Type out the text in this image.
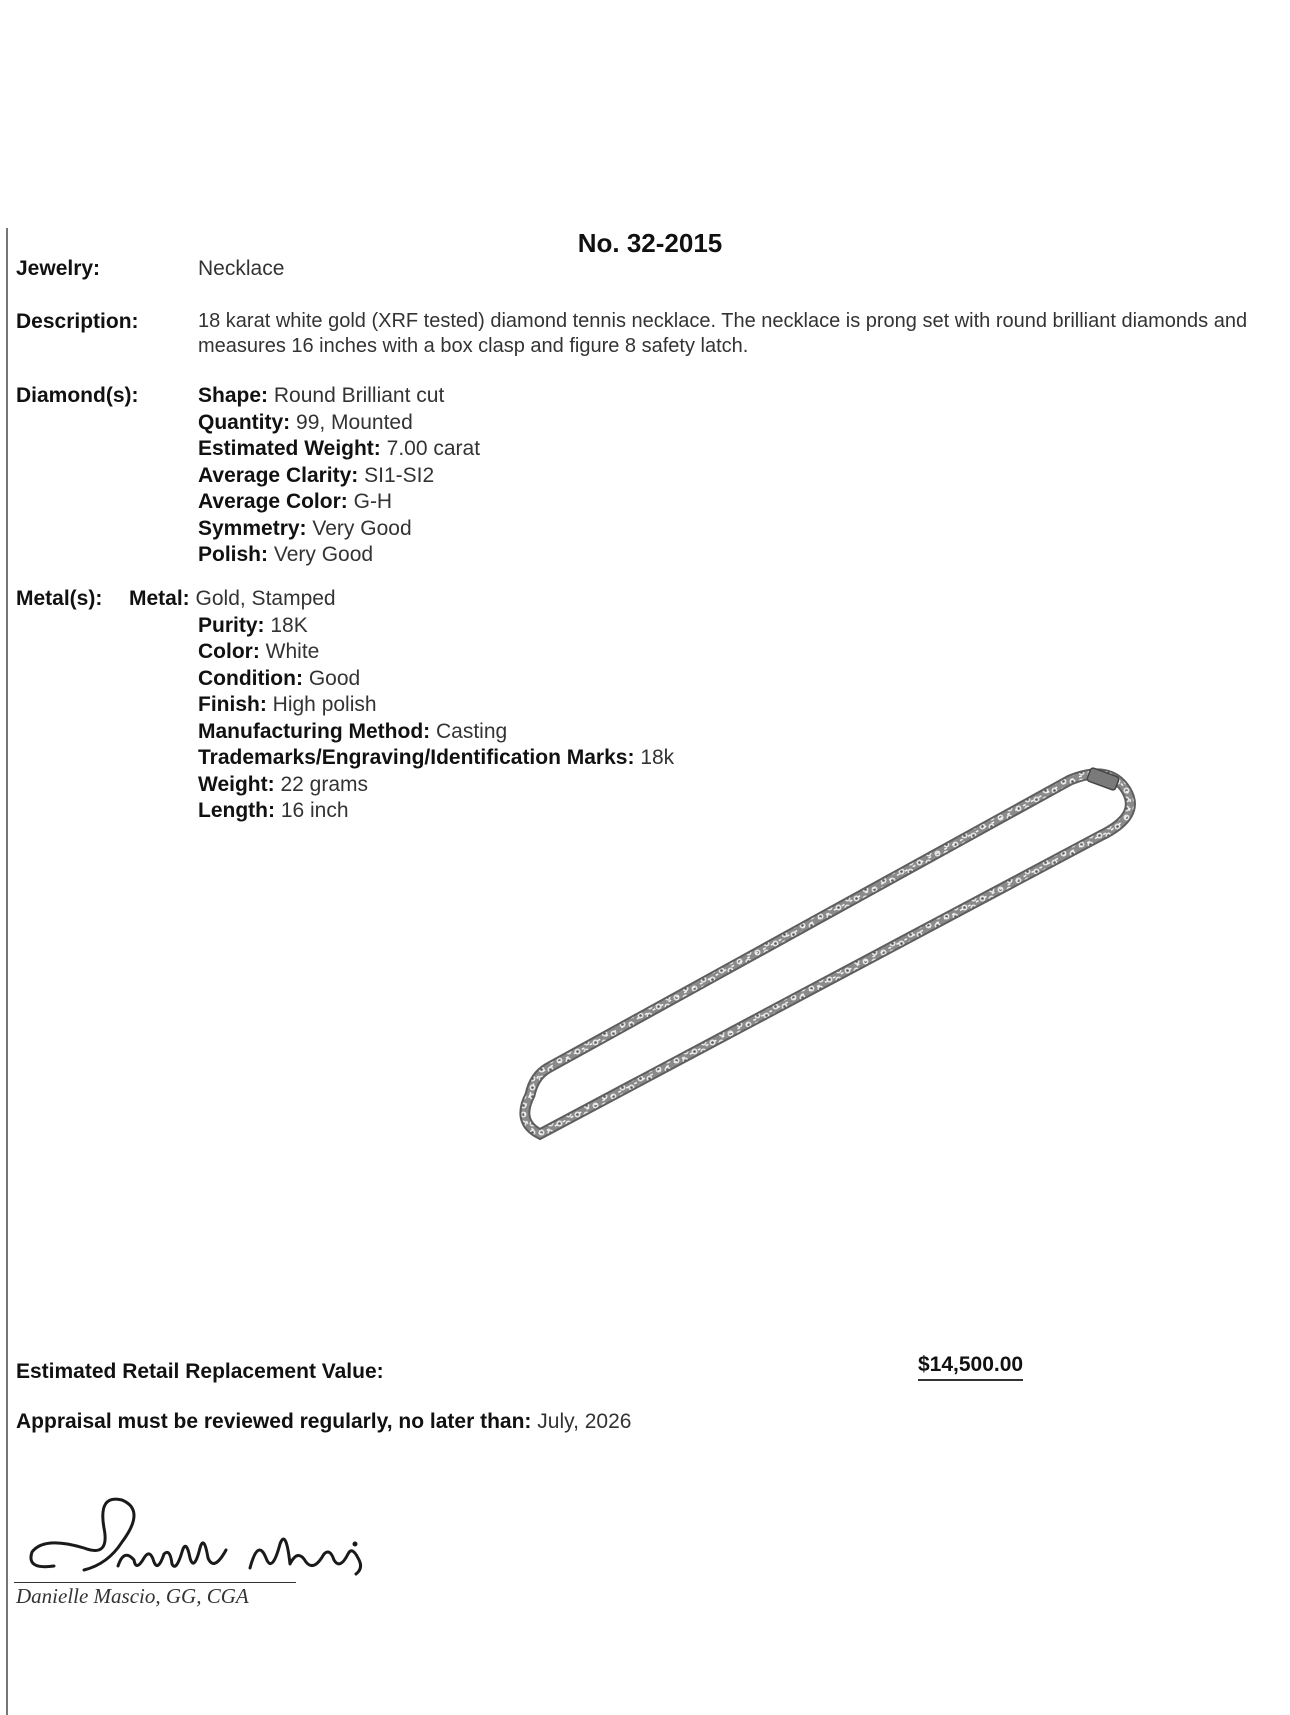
No. 32-2015
Jewelry:	Necklace
Description:	18 karat white gold (XRF tested) diamond tennis necklace. The necklace is prong set with round brilliant diamonds and measures 16 inches with a box clasp and figure 8 safety latch.
Diamond(s):	Shape: Round Brilliant cut
Quantity: 99, Mounted
Estimated Weight: 7.00 carat
Average Clarity: SI1-SI2
Average Color: G-H
Symmetry: Very Good
Polish: Very Good
Metal(s): Metal: Gold, Stamped
Purity: 18K
Color: White
Condition: Good
Finish: High polish
Manufacturing Method: Casting
Trademarks/Engraving/Identification Marks: 18k
Weight: 22 grams
Length: 16 inch
Estimated Retail Replacement Value:	$14,500.00
Appraisal must be reviewed regularly, no later than: July, 2026
Danielle Mascio, GG, CGA
